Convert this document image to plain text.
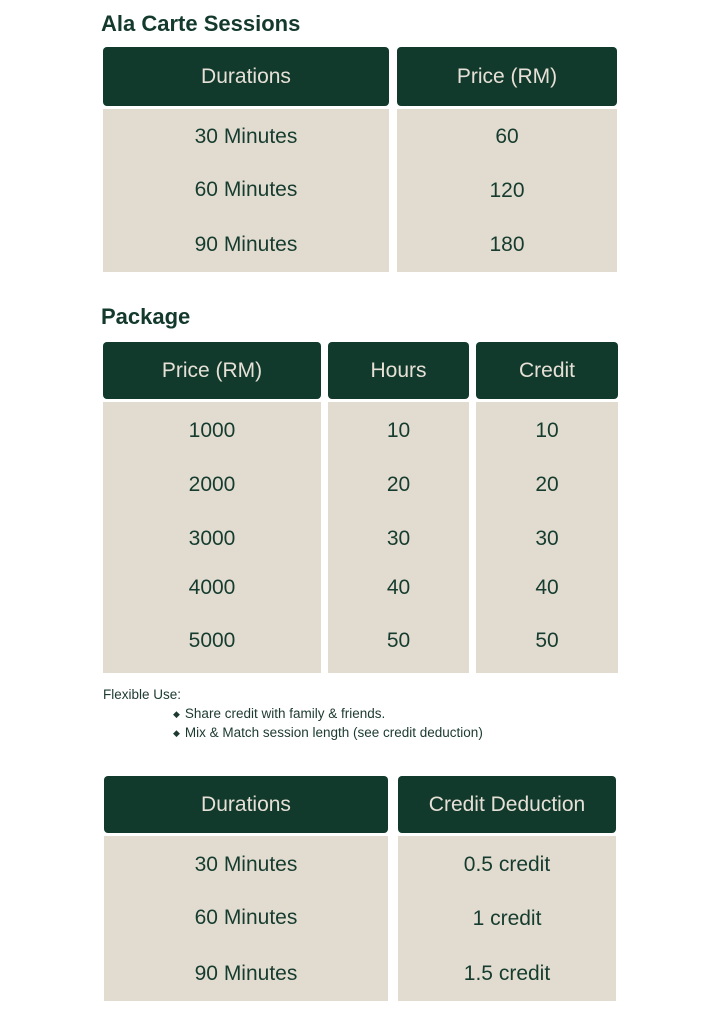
Ala Carte Sessions
Durations
30 Minutes
60 Minutes
90 Minutes
Price (RM)
60
120
180
Package
Price (RM)
1000
2000
3000
4000
5000
Hours
10
20
30
40
50
Credit
10
20
30
40
50
Flexible Use:
◆ Share credit with family & friends.
◆ Mix & Match session length (see credit deduction)
Durations
30 Minutes
60 Minutes
90 Minutes
Credit Deduction
0.5 credit
1 credit
1.5 credit
